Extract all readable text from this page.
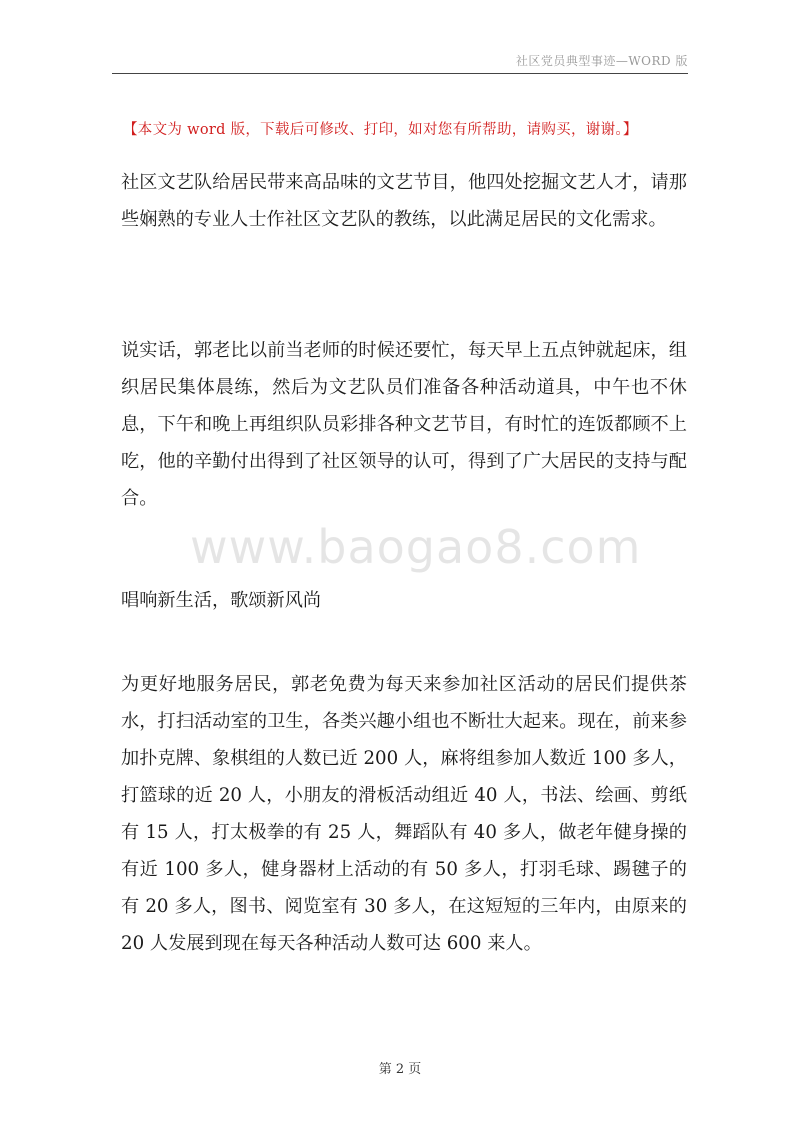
社区党员典型事迹—WORD 版
【本文为 word 版，下载后可修改、打印，如对您有所帮助，请购买，谢谢。】

社区文艺队给居民带来高品味的文艺节目，他四处挖掘文艺人才，请那些娴熟的专业人士作社区文艺队的教练，以此满足居民的文化需求。

说实话，郭老比以前当老师的时候还要忙，每天早上五点钟就起床，组织居民集体晨练，然后为文艺队员们准备各种活动道具，中午也不休息，下午和晚上再组织队员彩排各种文艺节目，有时忙的连饭都顾不上吃，他的辛勤付出得到了社区领导的认可，得到了广大居民的支持与配合。

唱响新生活，歌颂新风尚

为更好地服务居民，郭老免费为每天来参加社区活动的居民们提供茶水，打扫活动室的卫生，各类兴趣小组也不断壮大起来。现在，前来参加扑克牌、象棋组的人数已近 200 人，麻将组参加人数近 100 多人，打篮球的近 20 人，小朋友的滑板活动组近 40 人，书法、绘画、剪纸有 15 人，打太极拳的有 25 人，舞蹈队有 40 多人，做老年健身操的有近 100 多人，健身器材上活动的有 50 多人，打羽毛球、踢毽子的有 20 多人，图书、阅览室有 30 多人，在这短短的三年内，由原来的 20 人发展到现在每天各种活动人数可达 600 来人。

www.baogao8.com
第 2 页
